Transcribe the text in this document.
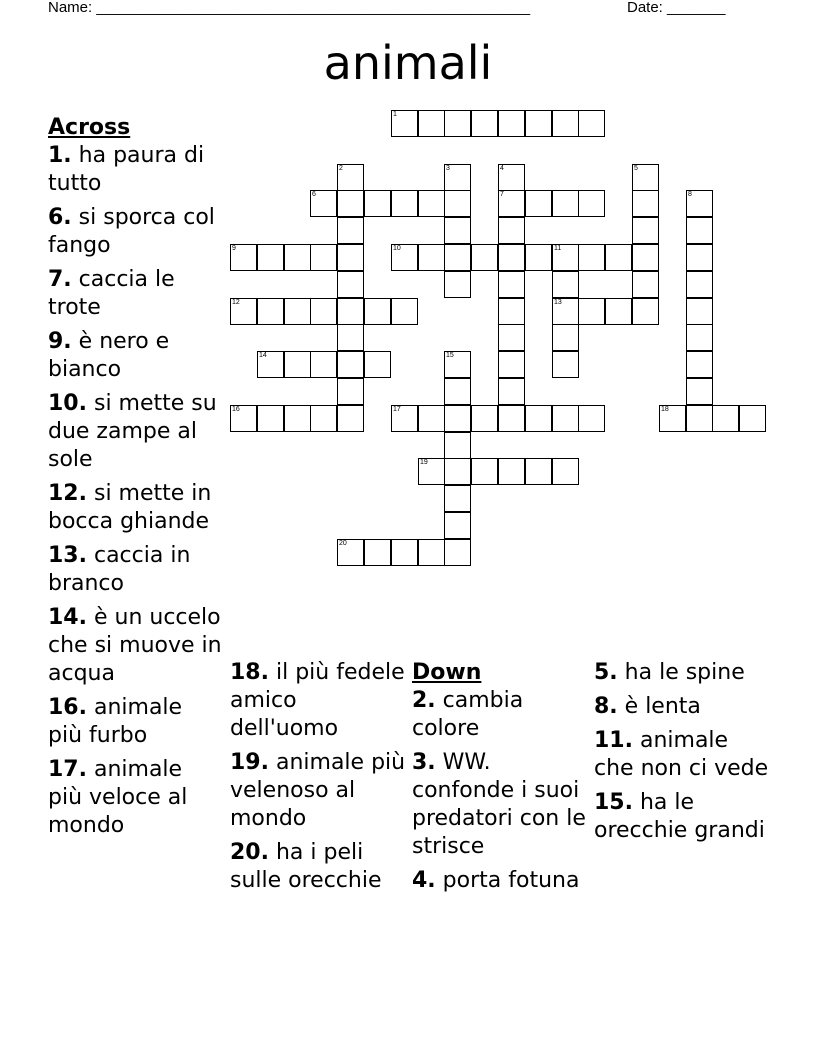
Name: ____________________________________________________	Date: _______
animali
1
6	7
9	10	11
12	13
14
16	17	18
19
20
2	3	4	5
8
15
Across
1. ha paura di tutto
6. si sporca col fango
7. caccia le trote
9. è nero e bianco
10. si mette su due zampe al sole
12. si mette in bocca ghiande
13. caccia in branco
14. è un uccelo che si muove in acqua
16. animale più furbo
17. animale più veloce al mondo
18. il più fedele amico dell'uomo
19. animale più velenoso al mondo
20. ha i peli sulle orecchie
Down
2. cambia colore
3. WW. confonde i suoi predatori con le strisce
4. porta fotuna
5. ha le spine
8. è lenta
11. animale che non ci vede
15. ha le orecchie grandi
